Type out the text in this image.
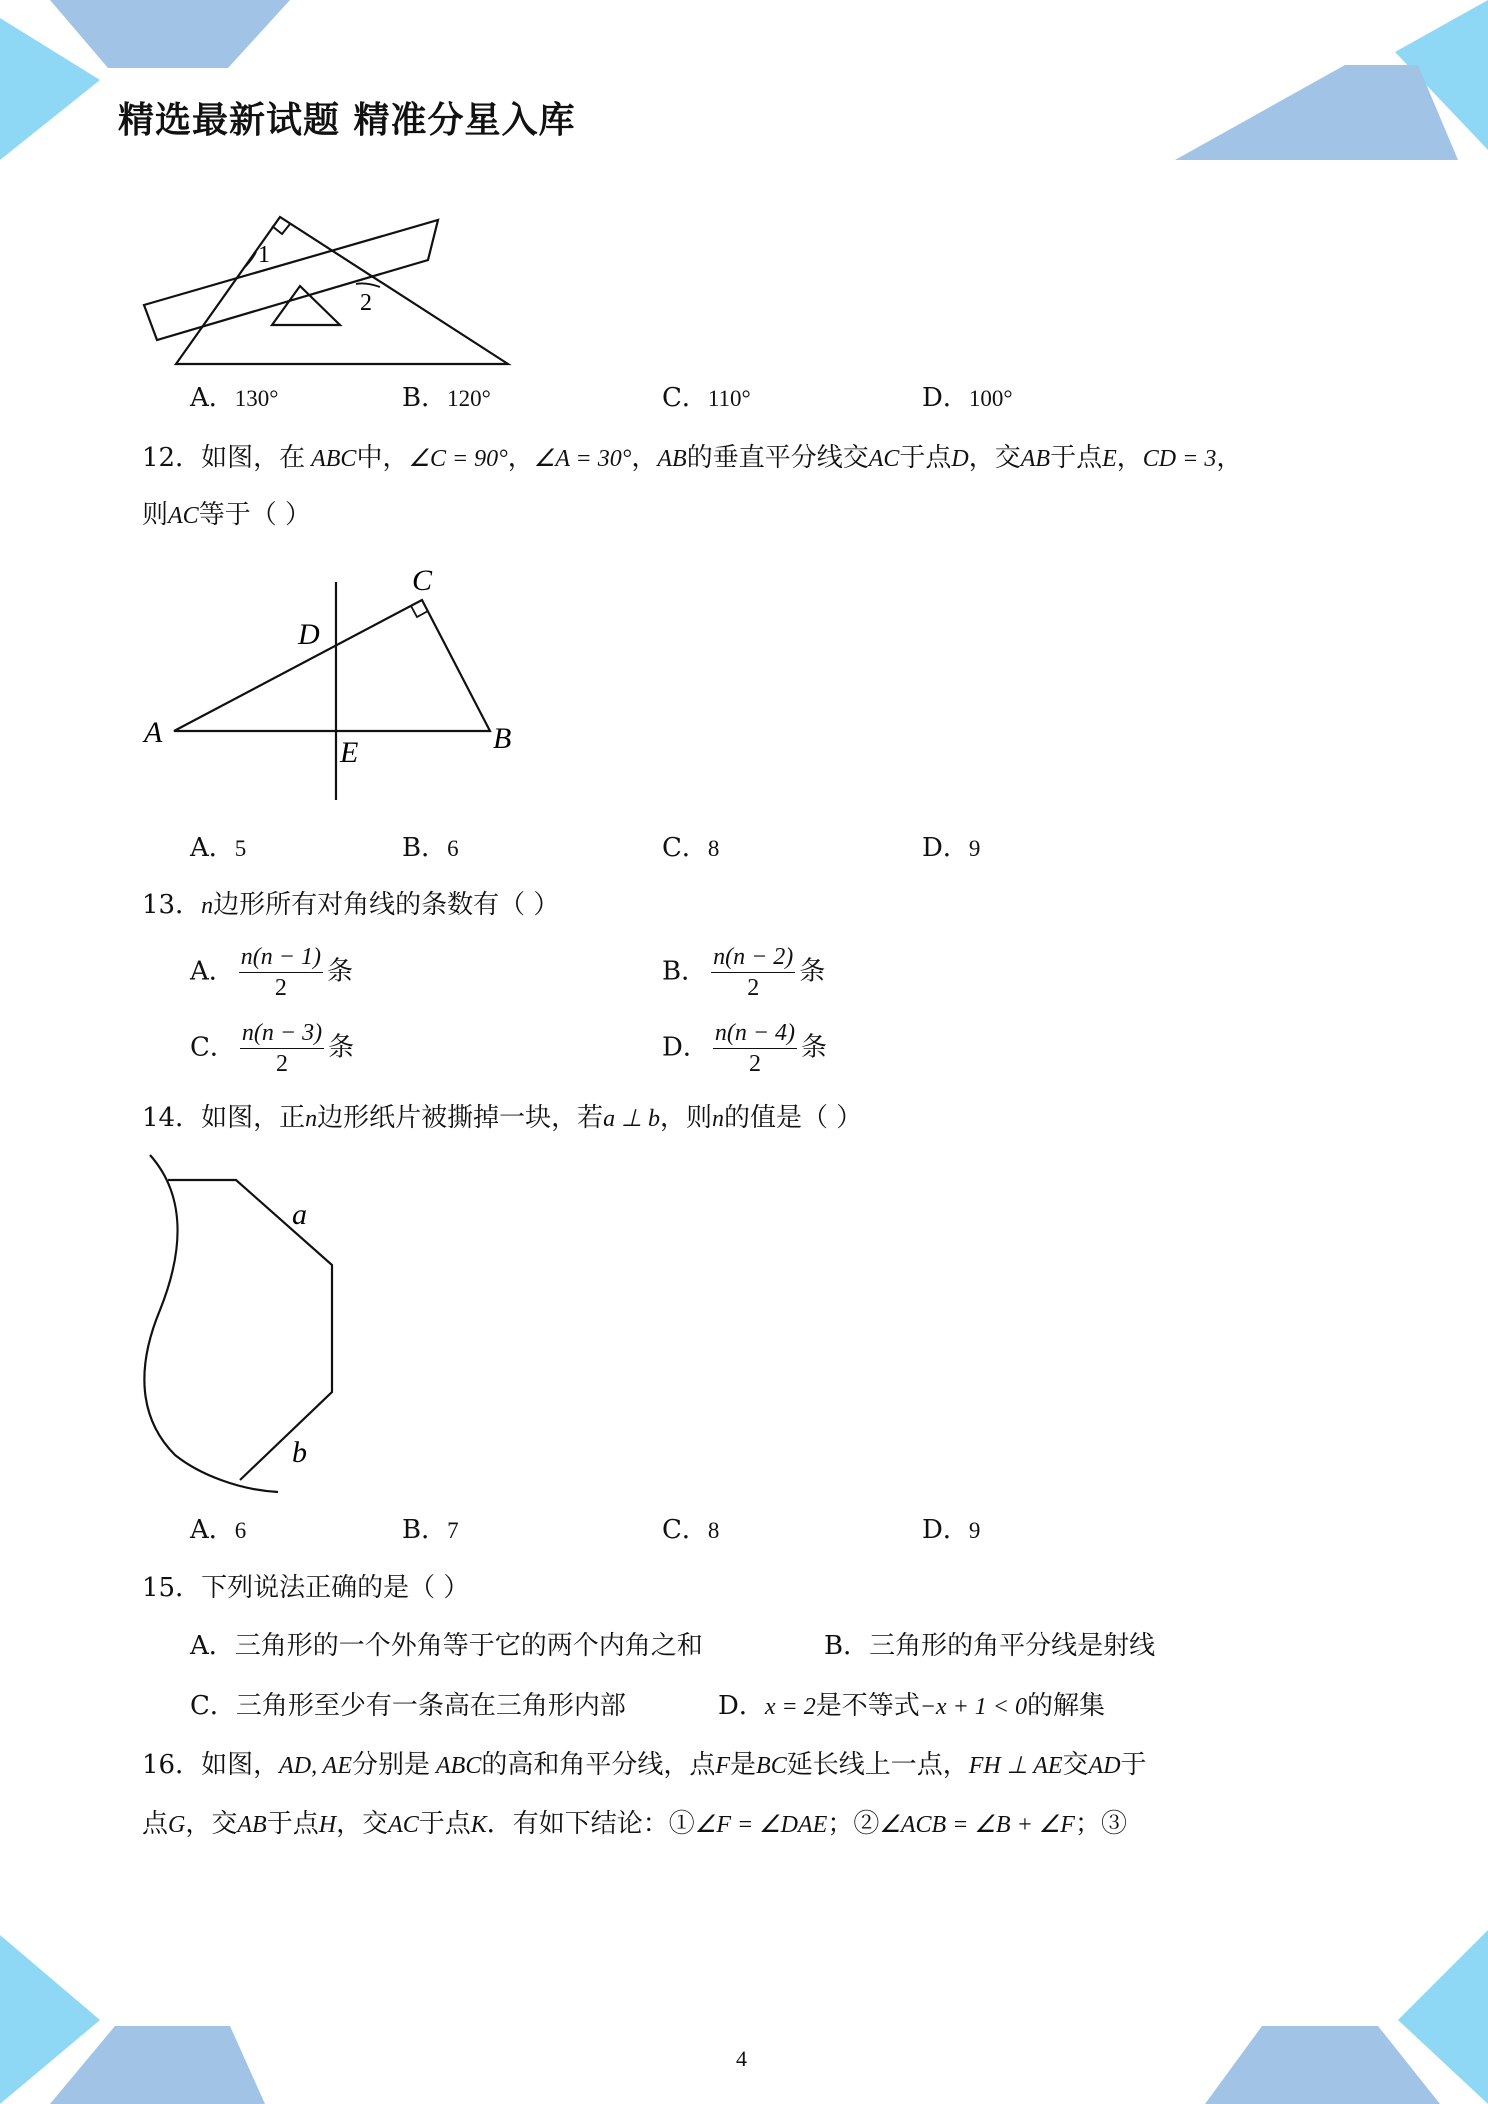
精选最新试题 精准分星入库
1
2
A．130°	B．120°	C．110°	D．100°
12．如图，在 ABC中，∠C = 90°，∠A = 30°，AB的垂直平分线交AC于点D，交AB于点E，CD = 3，
则AC等于（ ）
A	B
C
D
E
A．5	B．6	C．8	D．9
13．n边形所有对角线的条数有（ ）
A． $\frac{n(n - 1)}{2}$ 条	B． $\frac{n(n - 2)}{2}$ 条
C． $\frac{n(n - 3)}{2}$ 条	D． $\frac{n(n - 4)}{2}$ 条
14．如图，正n边形纸片被撕掉一块，若a ⊥ b，则n的值是（ ）
a
b
A．6	B．7	C．8	D．9
15．下列说法正确的是（ ）
A．三角形的一个外角等于它的两个内角之和	B．三角形的角平分线是射线
C．三角形至少有一条高在三角形内部	D．x = 2是不等式−x + 1 < 0的解集
16．如图，AD, AE分别是 ABC的高和角平分线，点F是BC延长线上一点，FH ⊥ AE交AD于
点G，交AB于点H，交AC于点K．有如下结论：①∠F = ∠DAE；②∠ACB = ∠B + ∠F；③
4
